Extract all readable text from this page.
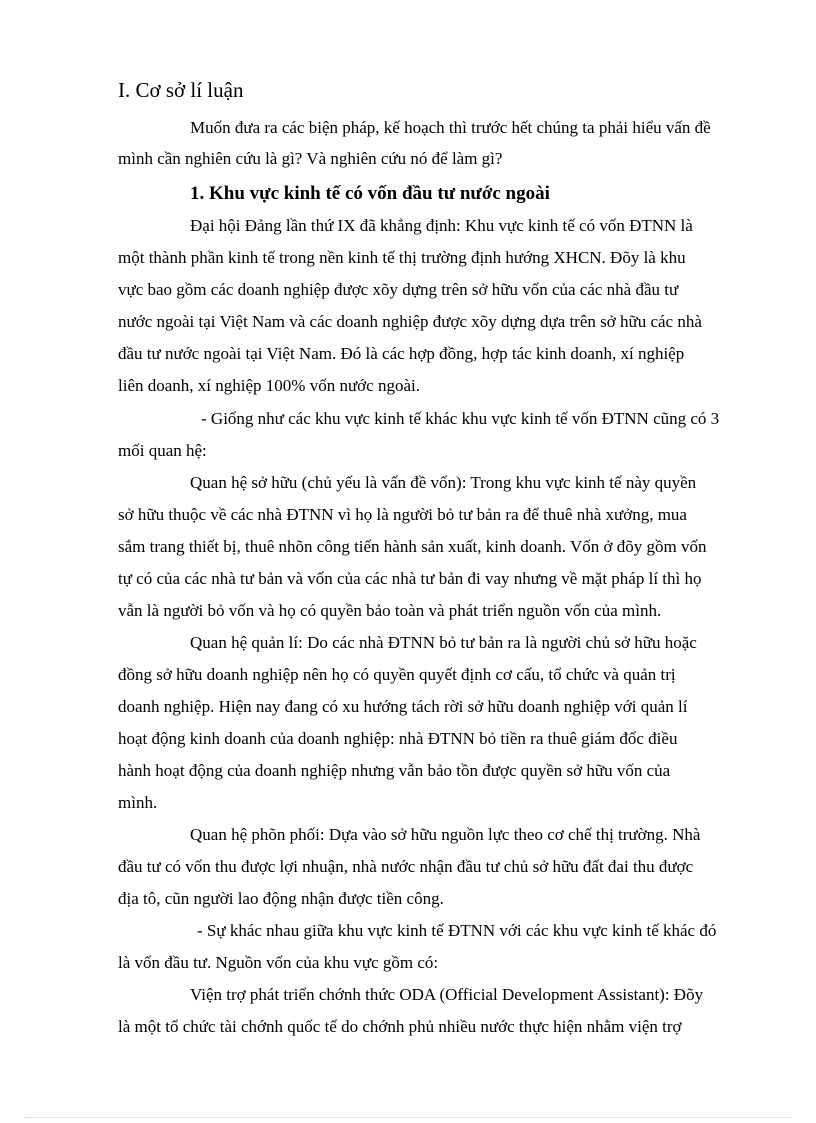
I. Cơ sở lí luận

Muốn đưa ra các biện pháp, kế hoạch thì trước hết chúng ta phải hiểu vấn đề

mình cần nghiên cứu là gì? Và nghiên cứu nó để làm gì?

1. Khu vực kinh tế có vốn đầu tư nước ngoài

Đại hội Đảng lần thứ IX đã khẳng định: Khu vực kinh tế có vốn ĐTNN là

một thành phần kinh tế trong nền kinh tế thị trường định hướng XHCN. Đõy là khu

vực bao gồm các doanh nghiệp được xõy dựng trên sở hữu vốn của các nhà đầu tư

nước ngoài tại Việt Nam và các doanh nghiệp được xõy dựng dựa trên sở hữu các nhà

đầu tư nước ngoài tại Việt Nam. Đó là các hợp đồng, hợp tác kinh doanh, xí nghiệp

liên doanh, xí nghiệp 100% vốn nước ngoài.

- Giống như các khu vực kinh tế khác khu vực kinh tế vốn ĐTNN cũng có 3

mối quan hệ:

Quan hệ sở hữu (chủ yếu là vấn đề vốn): Trong khu vực kinh tế này quyền

sở hữu thuộc về các nhà ĐTNN vì họ là người bỏ tư bản ra để thuê nhà xưởng, mua

sắm trang thiết bị, thuê nhõn công tiến hành sản xuất, kinh doanh. Vốn ở đõy gồm vốn

tự có của các nhà tư bản và vốn của các nhà tư bản đi vay nhưng về mặt pháp lí thì họ

vẫn là người bỏ vốn và họ có quyền bảo toàn và phát triển nguồn vốn của mình.

Quan hệ quản lí: Do các nhà ĐTNN bỏ tư bản ra là người chủ sở hữu hoặc

đồng sở hữu doanh nghiệp nên họ có quyền quyết định cơ cấu, tổ chức và quản trị

doanh nghiệp. Hiện nay đang có xu hướng tách rời sở hữu doanh nghiệp với quản lí

hoạt động kinh doanh của doanh nghiệp: nhà ĐTNN bỏ tiền ra thuê giám đốc điều

hành hoạt động của doanh nghiệp nhưng vẫn bảo tồn được quyền sở hữu vốn của

mình.

Quan hệ phõn phối: Dựa vào sở hữu nguồn lực theo cơ chế thị trường. Nhà

đầu tư có vốn thu được lợi nhuận, nhà nước nhận đầu tư chủ sở hữu đất đai thu được

địa tô, cũn người lao động nhận được tiền công.

- Sự khác nhau giữa khu vực kinh tế ĐTNN với các khu vực kinh tế khác đó

là vốn đầu tư. Nguồn vốn của khu vực gồm có:

Viện trợ phát triển chớnh thức ODA (Official Development Assistant): Đõy

là một tổ chức tài chớnh quốc tế do chớnh phủ nhiều nước thực hiện nhằm viện trợ
